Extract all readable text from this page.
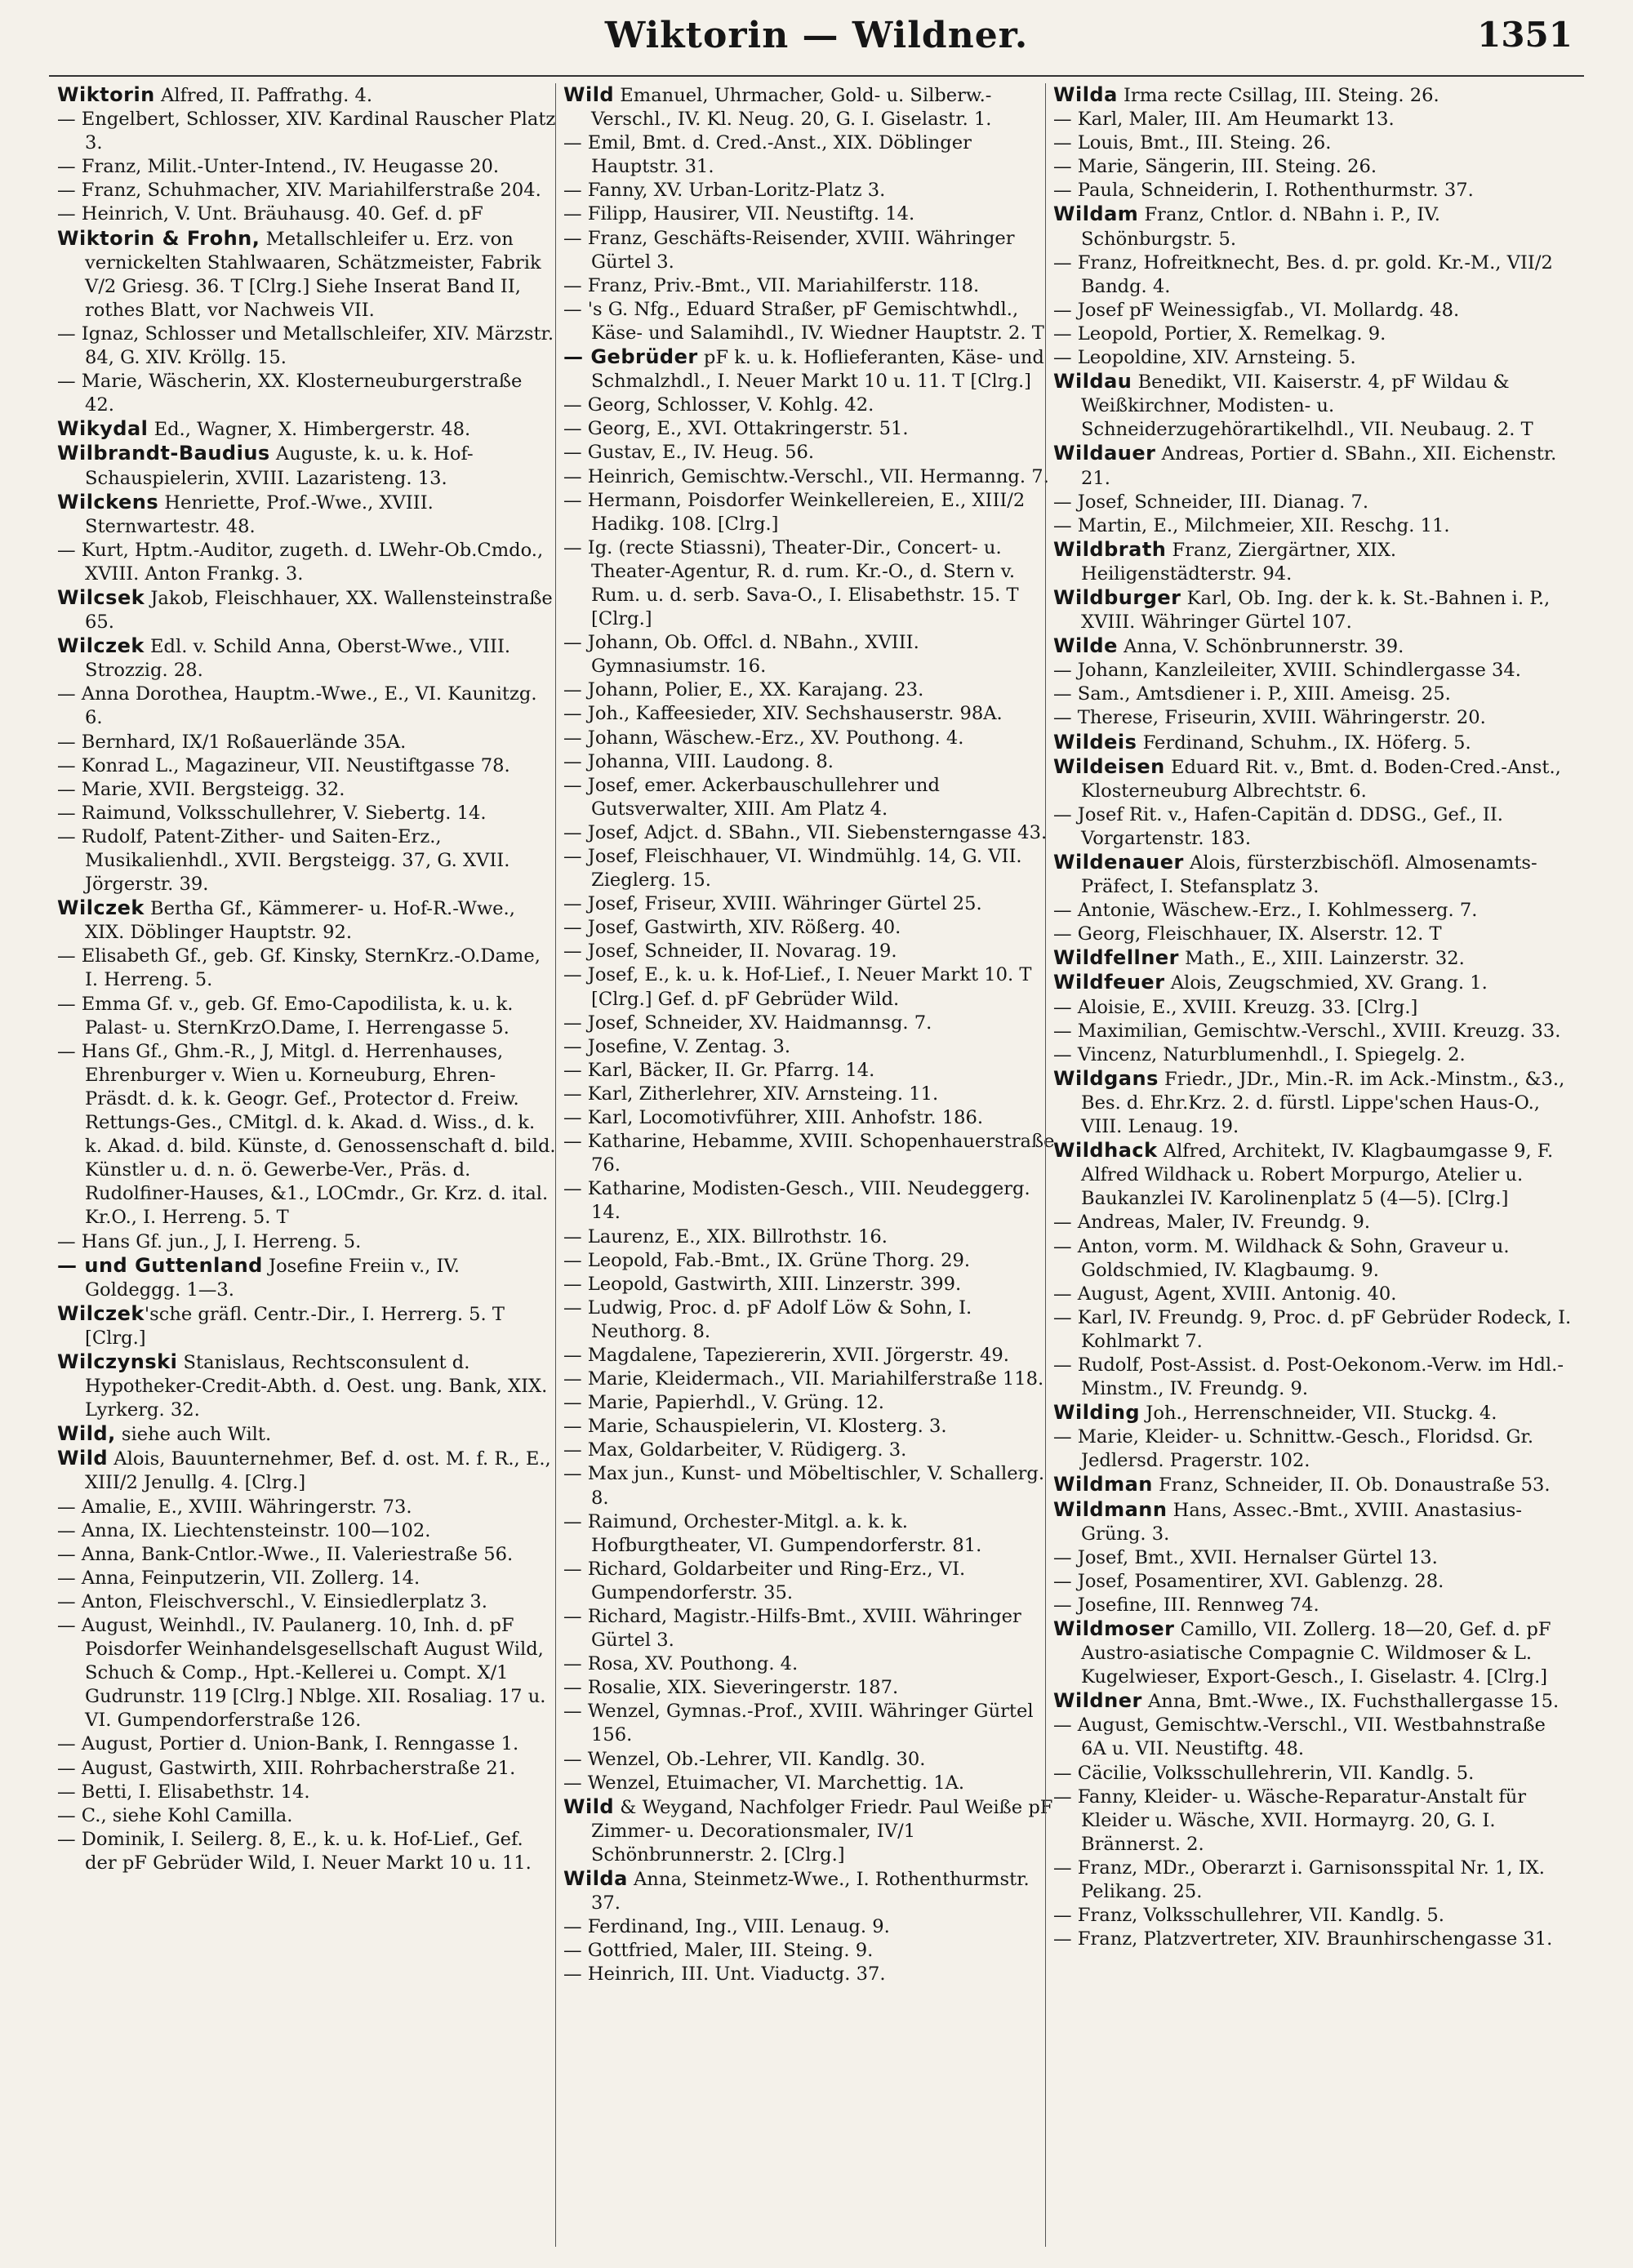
Wiktorin — Wildner.	1351

Wiktorin Alfred, II. Paffrathg. 4.

— Engelbert, Schlosser, XIV. Kardinal Rauscher Platz 3.

— Franz, Milit.-Unter-Intend., IV. Heugasse 20.

— Franz, Schuhmacher, XIV. Mariahilferstraße 204.

— Heinrich, V. Unt. Bräuhausg. 40. Gef. d. pF

Wiktorin & Frohn, Metallschleifer u. Erz. von vernickelten Stahlwaaren, Schätzmeister, Fabrik V/2 Griesg. 36. T [Clrg.] Siehe Inserat Band II, rothes Blatt, vor Nachweis VII.

— Ignaz, Schlosser und Metallschleifer, XIV. Märzstr. 84, G. XIV. Kröllg. 15.

— Marie, Wäscherin, XX. Klosterneuburgerstraße 42.

Wikydal Ed., Wagner, X. Himbergerstr. 48.

Wilbrandt-Baudius Auguste, k. u. k. Hof-Schauspielerin, XVIII. Lazaristeng. 13.

Wilckens Henriette, Prof.-Wwe., XVIII. Sternwartestr. 48.

— Kurt, Hptm.-Auditor, zugeth. d. LWehr-Ob.Cmdo., XVIII. Anton Frankg. 3.

Wilcsek Jakob, Fleischhauer, XX. Wallensteinstraße 65.

Wilczek Edl. v. Schild Anna, Oberst-Wwe., VIII. Strozzig. 28.

— Anna Dorothea, Hauptm.-Wwe., E., VI. Kaunitzg. 6.

— Bernhard, IX/1 Roßauerlände 35A.

— Konrad L., Magazineur, VII. Neustiftgasse 78.

— Marie, XVII. Bergsteigg. 32.

— Raimund, Volksschullehrer, V. Siebertg. 14.

— Rudolf, Patent-Zither- und Saiten-Erz., Musikalienhdl., XVII. Bergsteigg. 37, G. XVII. Jörgerstr. 39.

Wilczek Bertha Gf., Kämmerer- u. Hof-R.-Wwe., XIX. Döblinger Hauptstr. 92.

— Elisabeth Gf., geb. Gf. Kinsky, SternKrz.-O.Dame, I. Herreng. 5.

— Emma Gf. v., geb. Gf. Emo-Capodilista, k. u. k. Palast- u. SternKrzO.Dame, I. Herrengasse 5.

— Hans Gf., Ghm.-R., J, Mitgl. d. Herrenhauses, Ehrenburger v. Wien u. Korneuburg, Ehren-Präsdt. d. k. k. Geogr. Gef., Protector d. Freiw. Rettungs-Ges., CMitgl. d. k. Akad. d. Wiss., d. k. k. Akad. d. bild. Künste, d. Genossenschaft d. bild. Künstler u. d. n. ö. Gewerbe-Ver., Präs. d. Rudolfiner-Hauses, &1., LOCmdr., Gr. Krz. d. ital. Kr.O., I. Herreng. 5. T

— Hans Gf. jun., J, I. Herreng. 5.

— und Guttenland Josefine Freiin v., IV. Goldeggg. 1—3.

Wilczek'sche gräfl. Centr.-Dir., I. Herrerg. 5. T [Clrg.]

Wilczynski Stanislaus, Rechtsconsulent d. Hypotheker-Credit-Abth. d. Oest. ung. Bank, XIX. Lyrkerg. 32.

Wild, siehe auch Wilt.

Wild Alois, Bauunternehmer, Bef. d. ost. M. f. R., E., XIII/2 Jenullg. 4. [Clrg.]

— Amalie, E., XVIII. Währingerstr. 73.

— Anna, IX. Liechtensteinstr. 100—102.

— Anna, Bank-Cntlor.-Wwe., II. Valeriestraße 56.

— Anna, Feinputzerin, VII. Zollerg. 14.

— Anton, Fleischverschl., V. Einsiedlerplatz 3.

— August, Weinhdl., IV. Paulanerg. 10, Inh. d. pF Poisdorfer Weinhandelsgesellschaft August Wild, Schuch & Comp., Hpt.-Kellerei u. Compt. X/1 Gudrunstr. 119 [Clrg.] Nblge. XII. Rosaliag. 17 u. VI. Gumpendorferstraße 126.

— August, Portier d. Union-Bank, I. Renngasse 1.

— August, Gastwirth, XIII. Rohrbacherstraße 21.

— Betti, I. Elisabethstr. 14.

— C., siehe Kohl Camilla.

— Dominik, I. Seilerg. 8, E., k. u. k. Hof-Lief., Gef. der pF Gebrüder Wild, I. Neuer Markt 10 u. 11.

Wild Emanuel, Uhrmacher, Gold- u. Silberw.-Verschl., IV. Kl. Neug. 20, G. I. Giselastr. 1.

— Emil, Bmt. d. Cred.-Anst., XIX. Döblinger Hauptstr. 31.

— Fanny, XV. Urban-Loritz-Platz 3.

— Filipp, Hausirer, VII. Neustiftg. 14.

— Franz, Geschäfts-Reisender, XVIII. Währinger Gürtel 3.

— Franz, Priv.-Bmt., VII. Mariahilferstr. 118.

— 's G. Nfg., Eduard Straßer, pF Gemischtwhdl., Käse- und Salamihdl., IV. Wiedner Hauptstr. 2. T

— Gebrüder pF k. u. k. Hoflieferanten, Käse- und Schmalzhdl., I. Neuer Markt 10 u. 11. T [Clrg.]

— Georg, Schlosser, V. Kohlg. 42.

— Georg, E., XVI. Ottakringerstr. 51.

— Gustav, E., IV. Heug. 56.

— Heinrich, Gemischtw.-Verschl., VII. Hermanng. 7.

— Hermann, Poisdorfer Weinkellereien, E., XIII/2 Hadikg. 108. [Clrg.]

— Ig. (recte Stiassni), Theater-Dir., Concert- u. Theater-Agentur, R. d. rum. Kr.-O., d. Stern v. Rum. u. d. serb. Sava-O., I. Elisabethstr. 15. T [Clrg.]

— Johann, Ob. Offcl. d. NBahn., XVIII. Gymnasiumstr. 16.

— Johann, Polier, E., XX. Karajang. 23.

— Joh., Kaffeesieder, XIV. Sechshauserstr. 98A.

— Johann, Wäschew.-Erz., XV. Pouthong. 4.

— Johanna, VIII. Laudong. 8.

— Josef, emer. Ackerbauschullehrer und Gutsverwalter, XIII. Am Platz 4.

— Josef, Adjct. d. SBahn., VII. Siebensterngasse 43.

— Josef, Fleischhauer, VI. Windmühlg. 14, G. VII. Zieglerg. 15.

— Josef, Friseur, XVIII. Währinger Gürtel 25.

— Josef, Gastwirth, XIV. Rößerg. 40.

— Josef, Schneider, II. Novarag. 19.

— Josef, E., k. u. k. Hof-Lief., I. Neuer Markt 10. T [Clrg.] Gef. d. pF Gebrüder Wild.

— Josef, Schneider, XV. Haidmannsg. 7.

— Josefine, V. Zentag. 3.

— Karl, Bäcker, II. Gr. Pfarrg. 14.

— Karl, Zitherlehrer, XIV. Arnsteing. 11.

— Karl, Locomotivführer, XIII. Anhofstr. 186.

— Katharine, Hebamme, XVIII. Schopenhauerstraße 76.

— Katharine, Modisten-Gesch., VIII. Neudeggerg. 14.

— Laurenz, E., XIX. Billrothstr. 16.

— Leopold, Fab.-Bmt., IX. Grüne Thorg. 29.

— Leopold, Gastwirth, XIII. Linzerstr. 399.

— Ludwig, Proc. d. pF Adolf Löw & Sohn, I. Neuthorg. 8.

— Magdalene, Tapeziererin, XVII. Jörgerstr. 49.

— Marie, Kleidermach., VII. Mariahilferstraße 118.

— Marie, Papierhdl., V. Grüng. 12.

— Marie, Schauspielerin, VI. Klosterg. 3.

— Max, Goldarbeiter, V. Rüdigerg. 3.

— Max jun., Kunst- und Möbeltischler, V. Schallerg. 8.

— Raimund, Orchester-Mitgl. a. k. k. Hofburgtheater, VI. Gumpendorferstr. 81.

— Richard, Goldarbeiter und Ring-Erz., VI. Gumpendorferstr. 35.

— Richard, Magistr.-Hilfs-Bmt., XVIII. Währinger Gürtel 3.

— Rosa, XV. Pouthong. 4.

— Rosalie, XIX. Sieveringerstr. 187.

— Wenzel, Gymnas.-Prof., XVIII. Währinger Gürtel 156.

— Wenzel, Ob.-Lehrer, VII. Kandlg. 30.

— Wenzel, Etuimacher, VI. Marchettig. 1A.

Wild & Weygand, Nachfolger Friedr. Paul Weiße pF Zimmer- u. Decorationsmaler, IV/1 Schönbrunnerstr. 2. [Clrg.]

Wilda Anna, Steinmetz-Wwe., I. Rothenthurmstr. 37.

— Ferdinand, Ing., VIII. Lenaug. 9.

— Gottfried, Maler, III. Steing. 9.

— Heinrich, III. Unt. Viaductg. 37.

Wilda Irma recte Csillag, III. Steing. 26.

— Karl, Maler, III. Am Heumarkt 13.

— Louis, Bmt., III. Steing. 26.

— Marie, Sängerin, III. Steing. 26.

— Paula, Schneiderin, I. Rothenthurmstr. 37.

Wildam Franz, Cntlor. d. NBahn i. P., IV. Schönburgstr. 5.

— Franz, Hofreitknecht, Bes. d. pr. gold. Kr.-M., VII/2 Bandg. 4.

— Josef pF Weinessigfab., VI. Mollardg. 48.

— Leopold, Portier, X. Remelkag. 9.

— Leopoldine, XIV. Arnsteing. 5.

Wildau Benedikt, VII. Kaiserstr. 4, pF Wildau & Weißkirchner, Modisten- u. Schneiderzugehörartikelhdl., VII. Neubaug. 2. T

Wildauer Andreas, Portier d. SBahn., XII. Eichenstr. 21.

— Josef, Schneider, III. Dianag. 7.

— Martin, E., Milchmeier, XII. Reschg. 11.

Wildbrath Franz, Ziergärtner, XIX. Heiligenstädterstr. 94.

Wildburger Karl, Ob. Ing. der k. k. St.-Bahnen i. P., XVIII. Währinger Gürtel 107.

Wilde Anna, V. Schönbrunnerstr. 39.

— Johann, Kanzleileiter, XVIII. Schindlergasse 34.

— Sam., Amtsdiener i. P., XIII. Ameisg. 25.

— Therese, Friseurin, XVIII. Währingerstr. 20.

Wildeis Ferdinand, Schuhm., IX. Höferg. 5.

Wildeisen Eduard Rit. v., Bmt. d. Boden-Cred.-Anst., Klosterneuburg Albrechtstr. 6.

— Josef Rit. v., Hafen-Capitän d. DDSG., Gef., II. Vorgartenstr. 183.

Wildenauer Alois, fürsterzbischöfl. Almosenamts-Präfect, I. Stefansplatz 3.

— Antonie, Wäschew.-Erz., I. Kohlmesserg. 7.

— Georg, Fleischhauer, IX. Alserstr. 12. T

Wildfellner Math., E., XIII. Lainzerstr. 32.

Wildfeuer Alois, Zeugschmied, XV. Grang. 1.

— Aloisie, E., XVIII. Kreuzg. 33. [Clrg.]

— Maximilian, Gemischtw.-Verschl., XVIII. Kreuzg. 33.

— Vincenz, Naturblumenhdl., I. Spiegelg. 2.

Wildgans Friedr., JDr., Min.-R. im Ack.-Minstm., &3., Bes. d. Ehr.Krz. 2. d. fürstl. Lippe'schen Haus-O., VIII. Lenaug. 19.

Wildhack Alfred, Architekt, IV. Klagbaumgasse 9, F. Alfred Wildhack u. Robert Morpurgo, Atelier u. Baukanzlei IV. Karolinenplatz 5 (4—5). [Clrg.]

— Andreas, Maler, IV. Freundg. 9.

— Anton, vorm. M. Wildhack & Sohn, Graveur u. Goldschmied, IV. Klagbaumg. 9.

— August, Agent, XVIII. Antonig. 40.

— Karl, IV. Freundg. 9, Proc. d. pF Gebrüder Rodeck, I. Kohlmarkt 7.

— Rudolf, Post-Assist. d. Post-Oekonom.-Verw. im Hdl.-Minstm., IV. Freundg. 9.

Wilding Joh., Herrenschneider, VII. Stuckg. 4.

— Marie, Kleider- u. Schnittw.-Gesch., Floridsd. Gr. Jedlersd. Pragerstr. 102.

Wildman Franz, Schneider, II. Ob. Donaustraße 53.

Wildmann Hans, Assec.-Bmt., XVIII. Anastasius-Grüng. 3.

— Josef, Bmt., XVII. Hernalser Gürtel 13.

— Josef, Posamentirer, XVI. Gablenzg. 28.

— Josefine, III. Rennweg 74.

Wildmoser Camillo, VII. Zollerg. 18—20, Gef. d. pF Austro-asiatische Compagnie C. Wildmoser & L. Kugelwieser, Export-Gesch., I. Giselastr. 4. [Clrg.]

Wildner Anna, Bmt.-Wwe., IX. Fuchsthallergasse 15.

— August, Gemischtw.-Verschl., VII. Westbahnstraße 6A u. VII. Neustiftg. 48.

— Cäcilie, Volksschullehrerin, VII. Kandlg. 5.

— Fanny, Kleider- u. Wäsche-Reparatur-Anstalt für Kleider u. Wäsche, XVII. Hormayrg. 20, G. I. Brännerst. 2.

— Franz, MDr., Oberarzt i. Garnisonsspital Nr. 1, IX. Pelikang. 25.

— Franz, Volksschullehrer, VII. Kandlg. 5.

— Franz, Platzvertreter, XIV. Braunhirschengasse 31.
